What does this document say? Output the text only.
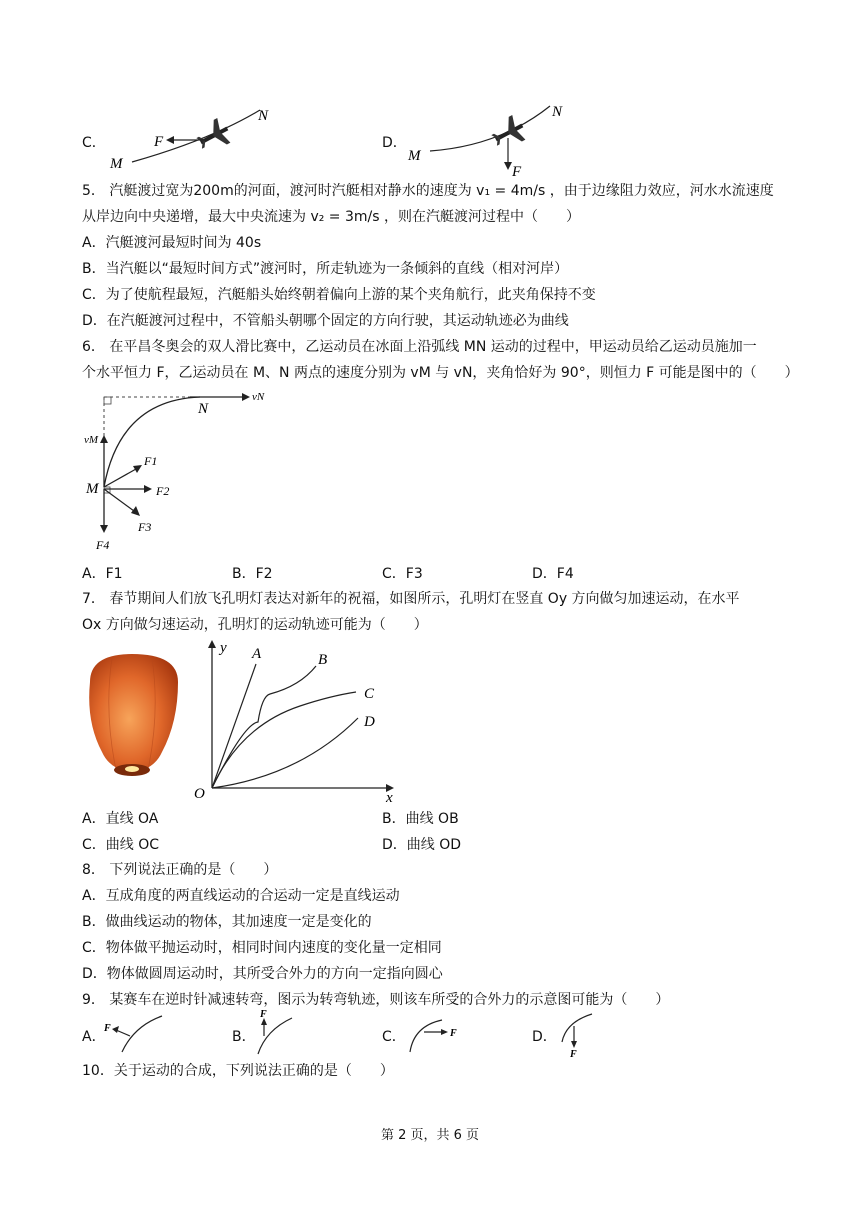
C．	F
M
N
D．
F
M
N
5． 汽艇渡过宽为200m的河面，渡河时汽艇相对静水的速度为 v₁ = 4m/s ，由于边缘阻力效应，河水水流速度
从岸边向中央递增，最大中央流速为 v₂ = 3m/s ，则在汽艇渡河过程中（　　）
A．汽艇渡河最短时间为 40s
B．当汽艇以“最短时间方式”渡河时，所走轨迹为一条倾斜的直线（相对河岸）
C．为了使航程最短，汽艇船头始终朝着偏向上游的某个夹角航行，此夹角保持不变
D．在汽艇渡河过程中，不管船头朝哪个固定的方向行驶，其运动轨迹必为曲线
6． 在平昌冬奥会的双人滑比赛中，乙运动员在冰面上沿弧线 MN 运动的过程中，甲运动员给乙运动员施加一
个水平恒力 F，乙运动员在 M、N 两点的速度分别为 vM 与 vN，夹角恰好为 90°，则恒力 F 可能是图中的（　　）
vN
N
vM
M
F1
F2
F3
F4
A．F1	B．F2	C．F3	D．F4
7． 春节期间人们放飞孔明灯表达对新年的祝福，如图所示，孔明灯在竖直 Oy 方向做匀加速运动，在水平
Ox 方向做匀速运动，孔明灯的运动轨迹可能为（　　）
x
y
O
A	B
C
D
A．直线 OA	B．曲线 OB
C．曲线 OC	D．曲线 OD
8． 下列说法正确的是（　　）
A．互成角度的两直线运动的合运动一定是直线运动
B．做曲线运动的物体，其加速度一定是变化的
C．物体做平抛运动时，相同时间内速度的变化量一定相同
D．物体做圆周运动时，其所受合外力的方向一定指向圆心
9． 某赛车在逆时针减速转弯，图示为转弯轨迹，则该车所受的合外力的示意图可能为（　　）
A．
F
B．
F
C．	F	D．
F
10．关于运动的合成，下列说法正确的是（　　）
第 2 页，共 6 页
